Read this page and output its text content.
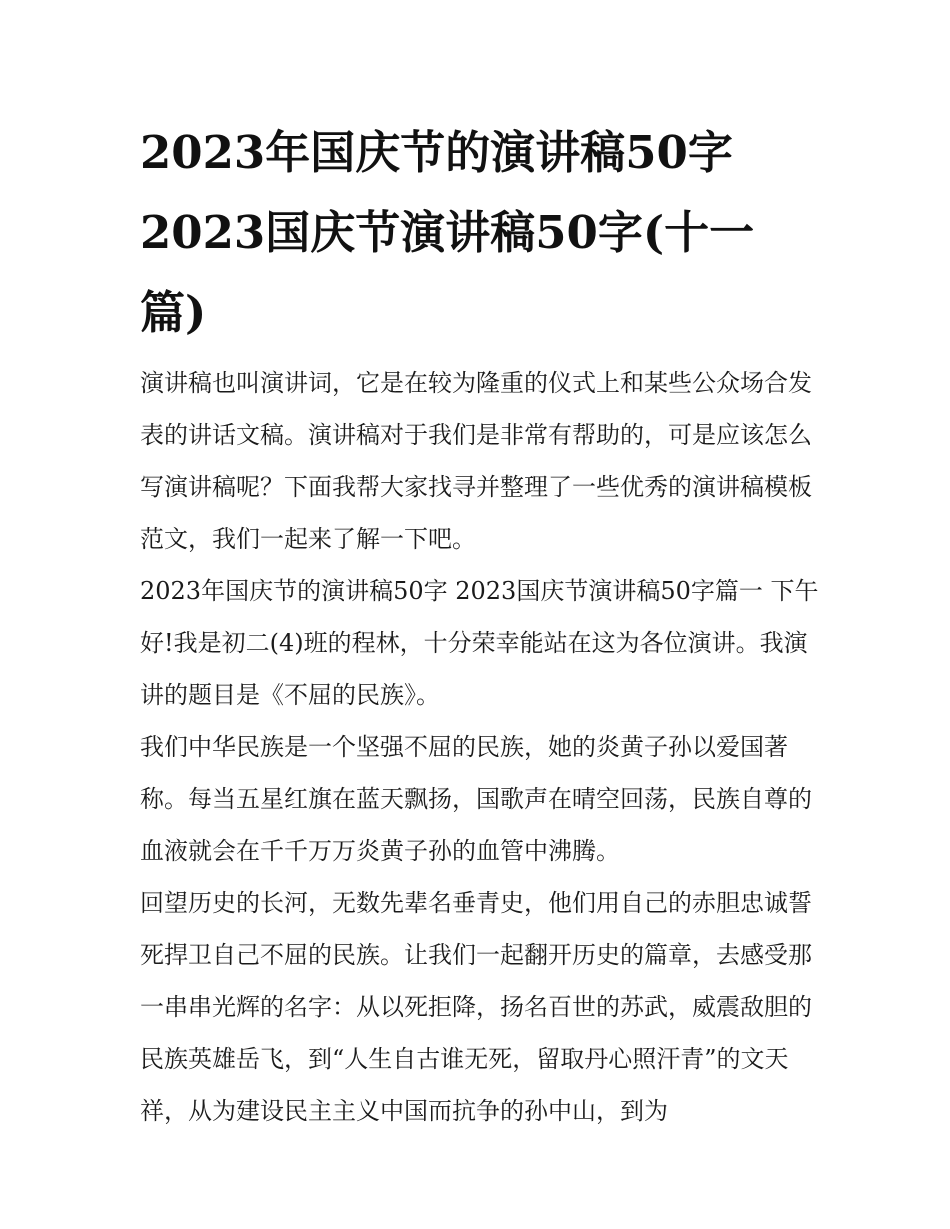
2023年国庆节的演讲稿50字 2023国庆节演讲稿50字(十一篇)

演讲稿也叫演讲词，它是在较为隆重的仪式上和某些公众场合发表的讲话文稿。演讲稿对于我们是非常有帮助的，可是应该怎么写演讲稿呢？下面我帮大家找寻并整理了一些优秀的演讲稿模板范文，我们一起来了解一下吧。

2023年国庆节的演讲稿50字 2023国庆节演讲稿50字篇一 下午好!我是初二(4)班的程林，十分荣幸能站在这为各位演讲。我演讲的题目是《不屈的民族》。

我们中华民族是一个坚强不屈的民族，她的炎黄子孙以爱国著称。每当五星红旗在蓝天飘扬，国歌声在晴空回荡，民族自尊的血液就会在千千万万炎黄子孙的血管中沸腾。

回望历史的长河，无数先辈名垂青史，他们用自己的赤胆忠诚誓死捍卫自己不屈的民族。让我们一起翻开历史的篇章，去感受那一串串光辉的名字：从以死拒降，扬名百世的苏武，威震敌胆的民族英雄岳飞，到“人生自古谁无死，留取丹心照汗青”的文天祥，从为建设民主主义中国而抗争的孙中山，到为
